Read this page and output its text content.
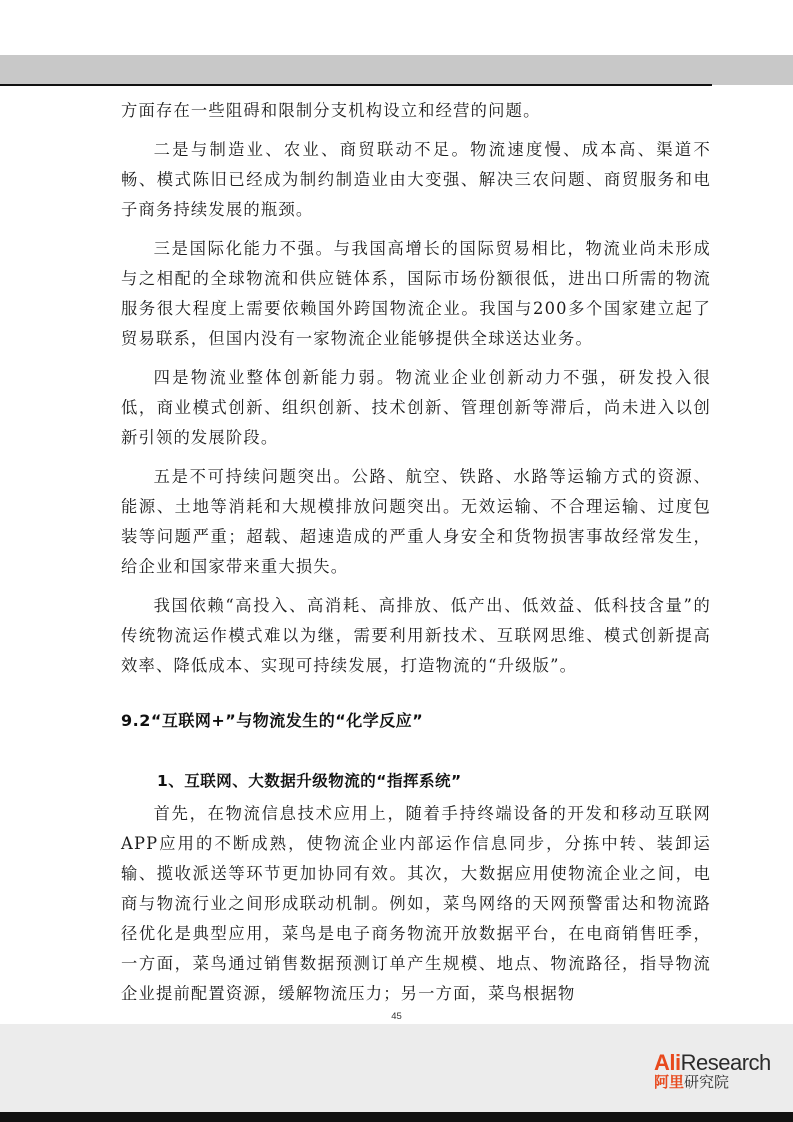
方面存在一些阻碍和限制分支机构设立和经营的问题。

二是与制造业、农业、商贸联动不足。物流速度慢、成本高、渠道不畅、模式陈旧已经成为制约制造业由大变强、解决三农问题、商贸服务和电子商务持续发展的瓶颈。

三是国际化能力不强。与我国高增长的国际贸易相比，物流业尚未形成与之相配的全球物流和供应链体系，国际市场份额很低，进出口所需的物流服务很大程度上需要依赖国外跨国物流企业。我国与200多个国家建立起了贸易联系，但国内没有一家物流企业能够提供全球送达业务。

四是物流业整体创新能力弱。物流业企业创新动力不强，研发投入很低，商业模式创新、组织创新、技术创新、管理创新等滞后，尚未进入以创新引领的发展阶段。

五是不可持续问题突出。公路、航空、铁路、水路等运输方式的资源、能源、土地等消耗和大规模排放问题突出。无效运输、不合理运输、过度包装等问题严重；超载、超速造成的严重人身安全和货物损害事故经常发生，给企业和国家带来重大损失。

我国依赖“高投入、高消耗、高排放、低产出、低效益、低科技含量”的传统物流运作模式难以为继，需要利用新技术、互联网思维、模式创新提高效率、降低成本、实现可持续发展，打造物流的“升级版”。

9.2“互联网+”与物流发生的“化学反应”
1、互联网、大数据升级物流的“指挥系统”

首先，在物流信息技术应用上，随着手持终端设备的开发和移动互联网APP应用的不断成熟，使物流企业内部运作信息同步，分拣中转、装卸运输、揽收派送等环节更加协同有效。其次，大数据应用使物流企业之间，电商与物流行业之间形成联动机制。例如，菜鸟网络的天网预警雷达和物流路径优化是典型应用，菜鸟是电子商务物流开放数据平台，在电商销售旺季，一方面，菜鸟通过销售数据预测订单产生规模、地点、物流路径，指导物流企业提前配置资源，缓解物流压力；另一方面，菜鸟根据物

45
AliResearch
阿里研究院
